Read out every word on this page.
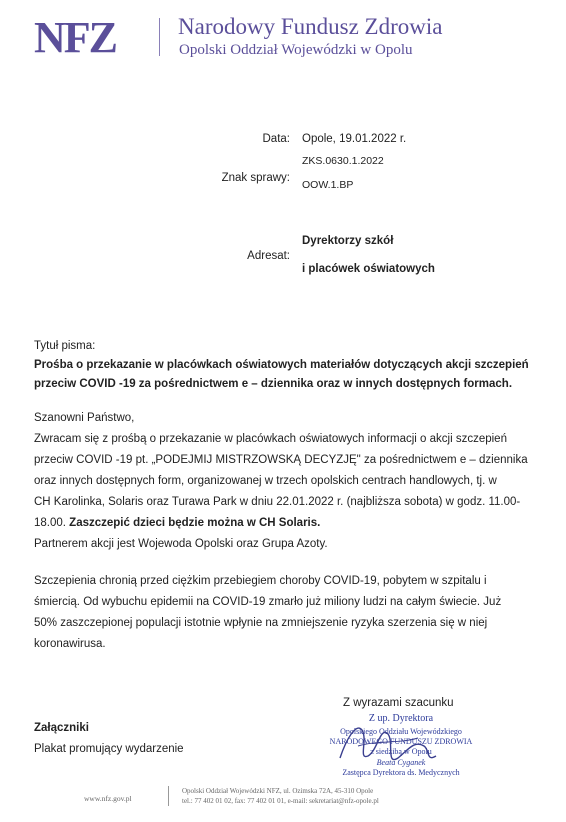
NFZ	Narodowy Fundusz Zdrowia
Opolski Oddział Wojewódzki w Opolu
Data: Opole, 19.01.2022 r.
ZKS.0630.1.2022
Znak sprawy:
OOW.1.BP
Dyrektorzy szkół
Adresat:
i placówek oświatowych

Tytuł pisma:

Prośba o przekazanie w placówkach oświatowych materiałów dotyczących akcji szczepień

przeciw COVID -19 za pośrednictwem e – dziennika oraz w innych dostępnych formach.

Szanowni Państwo,

Zwracam się z prośbą o przekazanie w placówkach oświatowych informacji o akcji szczepień

przeciw COVID -19 pt. „PODEJMIJ MISTRZOWSKĄ DECYZJĘ" za pośrednictwem e – dziennika

oraz innych dostępnych form, organizowanej w trzech opolskich centrach handlowych, tj. w

CH Karolinka, Solaris oraz Turawa Park w dniu 22.01.2022 r. (najbliższa sobota) w godz. 11.00-

18.00. Zaszczepić dzieci będzie można w CH Solaris.

Partnerem akcji jest Wojewoda Opolski oraz Grupa Azoty.

Szczepienia chronią przed ciężkim przebiegiem choroby COVID-19, pobytem w szpitalu i

śmiercią. Od wybuchu epidemii na COVID-19 zmarło już miliony ludzi na całym świecie. Już

50% zaszczepionej populacji istotnie wpłynie na zmniejszenie ryzyka szerzenia się w niej

koronawirusa.

Z wyrazami szacunku
Załączniki
Plakat promujący wydarzenie
Z up. Dyrektora
Opolskiego Oddziału Wojewódzkiego
NARODOWEGO FUNDUSZU ZDROWIA
z siedzibą w Opolu
Beata Cyganek
Zastępca Dyrektora ds. Medycznych
www.nfz.gov.pl
Opolski Oddział Wojewódzki NFZ, ul. Ozimska 72A, 45-310 Opole
tel.: 77 402 01 02, fax: 77 402 01 01, e-mail: sekretariat@nfz-opole.pl
